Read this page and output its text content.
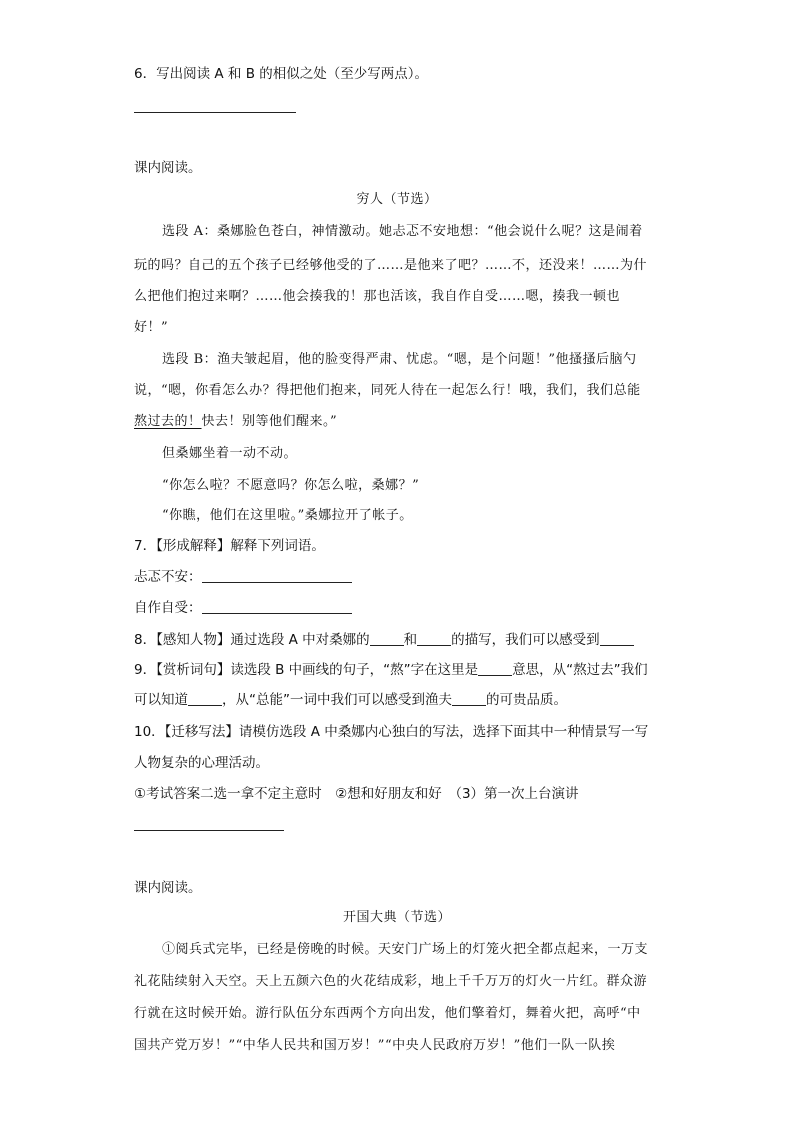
6．写出阅读 A 和 B 的相似之处（至少写两点）。
课内阅读。
穷人（节选）
选段 A：桑娜脸色苍白，神情激动。她忐忑不安地想：“他会说什么呢？这是闹着
玩的吗？自己的五个孩子已经够他受的了……是他来了吧？……不，还没来！……为什
么把他们抱过来啊？……他会揍我的！那也活该，我自作自受……嗯，揍我一顿也
好！”
选段 B：渔夫皱起眉，他的脸变得严肃、忧虑。“嗯，是个问题！”他搔搔后脑勺
说，“嗯，你看怎么办？得把他们抱来，同死人待在一起怎么行！哦，我们，我们总能
熬过去的！快去！别等他们醒来。”
但桑娜坐着一动不动。
“你怎么啦？不愿意吗？你怎么啦，桑娜？”
“你瞧，他们在这里啦。”桑娜拉开了帐子。
7．【形成解释】解释下列词语。
忐忑不安：
自作自受：
8．【感知人物】通过选段 A 中对桑娜的	和	的描写，我们可以感受到
9．【赏析词句】读选段 B 中画线的句子，“熬”字在这里是	意思，从“熬过去”我们
可以知道	，从“总能”一词中我们可以感受到渔夫	的可贵品质。
10．【迁移写法】请模仿选段 A 中桑娜内心独白的写法，选择下面其中一种情景写一写
人物复杂的心理活动。
①考试答案二选一拿不定主意时　②想和好朋友和好　（3）第一次上台演讲
课内阅读。
开国大典（节选）
①阅兵式完毕，已经是傍晚的时候。天安门广场上的灯笼火把全都点起来，一万支
礼花陆续射入天空。天上五颜六色的火花结成彩，地上千千万万的灯火一片红。群众游
行就在这时候开始。游行队伍分东西两个方向出发，他们擎着灯，舞着火把，高呼“中
国共产党万岁！”“中华人民共和国万岁！”“中央人民政府万岁！”他们一队一队挨
